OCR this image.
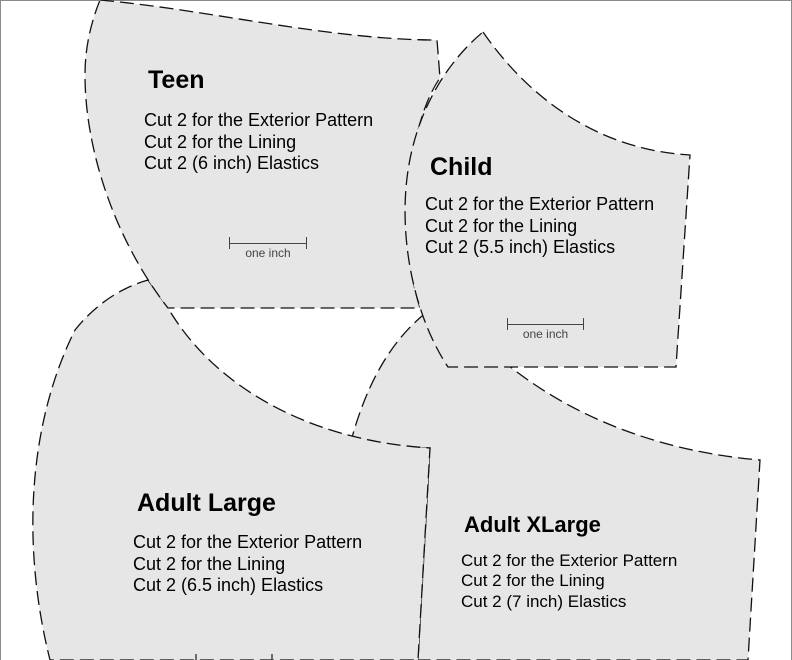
Teen
Cut 2 for the Exterior Pattern
Cut 2 for the Lining
Cut 2 (6 inch) Elastics
one inch
Child
Cut 2 for the Exterior Pattern
Cut 2 for the Lining
Cut 2 (5.5 inch) Elastics
one inch
Adult Large
Cut 2 for the Exterior Pattern
Cut 2 for the Lining
Cut 2 (6.5 inch) Elastics
Adult XLarge
Cut 2 for the Exterior Pattern
Cut 2 for the Lining
Cut 2 (7 inch) Elastics
